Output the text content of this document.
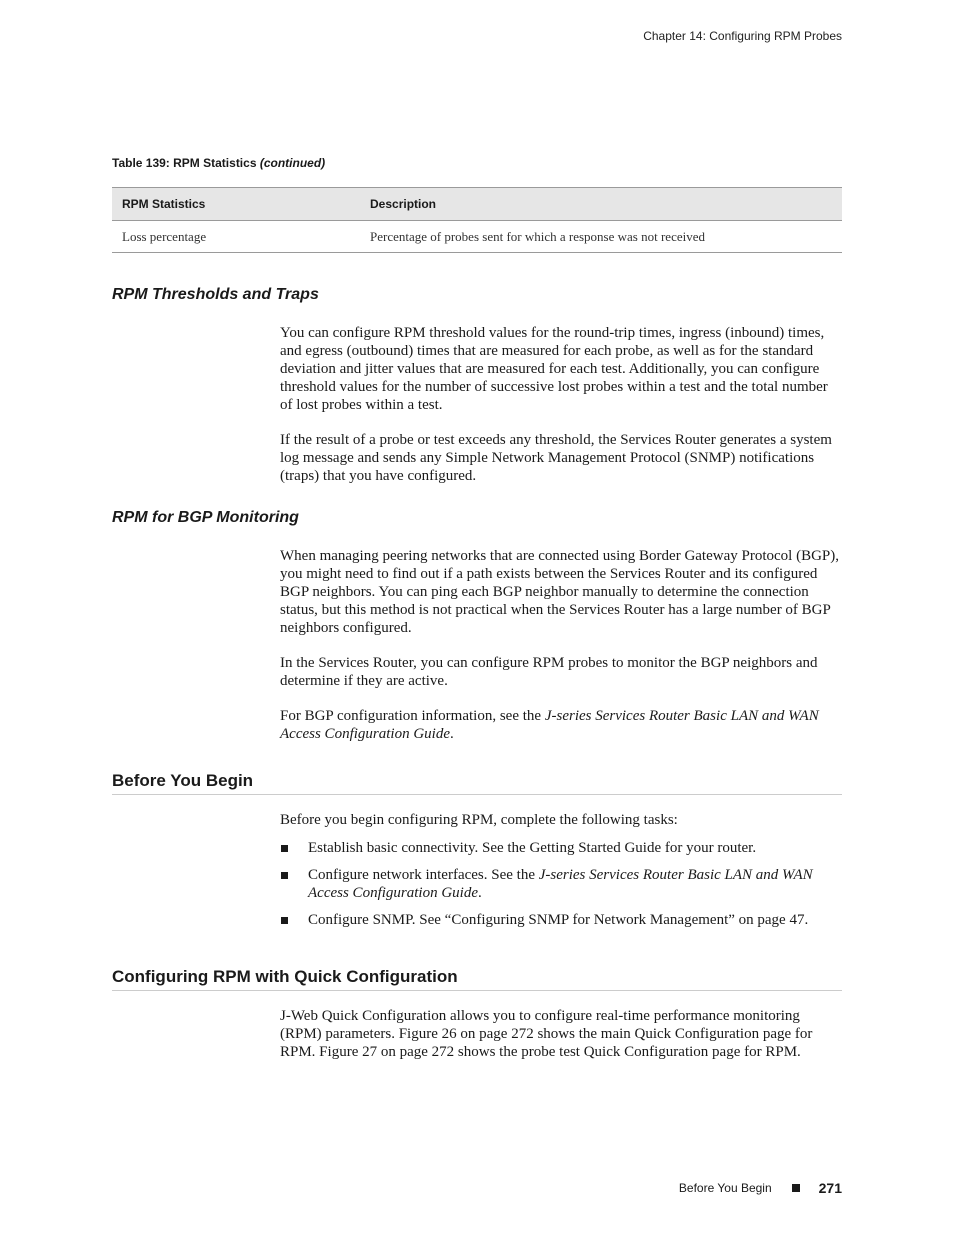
Chapter 14: Configuring RPM Probes
Table 139: RPM Statistics (continued)
RPM Statistics	Description
Loss percentage	Percentage of probes sent for which a response was not received
RPM Thresholds and Traps

You can configure RPM threshold values for the round-trip times, ingress (inbound) times, and egress (outbound) times that are measured for each probe, as well as for the standard deviation and jitter values that are measured for each test. Additionally, you can configure threshold values for the number of successive lost probes within a test and the total number of lost probes within a test.

If the result of a probe or test exceeds any threshold, the Services Router generates a system log message and sends any Simple Network Management Protocol (SNMP) notifications (traps) that you have configured.

RPM for BGP Monitoring

When managing peering networks that are connected using Border Gateway Protocol (BGP), you might need to find out if a path exists between the Services Router and its configured BGP neighbors. You can ping each BGP neighbor manually to determine the connection status, but this method is not practical when the Services Router has a large number of BGP neighbors configured.

In the Services Router, you can configure RPM probes to monitor the BGP neighbors and determine if they are active.

For BGP configuration information, see the J-series Services Router Basic LAN and WAN Access Configuration Guide.

Before You Begin

Before you begin configuring RPM, complete the following tasks:

Establish basic connectivity. See the Getting Started Guide for your router.
Configure network interfaces. See the J-series Services Router Basic LAN and WAN Access Configuration Guide.
Configure SNMP. See “Configuring SNMP for Network Management” on page 47.
Configuring RPM with Quick Configuration

J-Web Quick Configuration allows you to configure real-time performance monitoring (RPM) parameters. Figure 26 on page 272 shows the main Quick Configuration page for RPM. Figure 27 on page 272 shows the probe test Quick Configuration page for RPM.

Before You Begin	271
